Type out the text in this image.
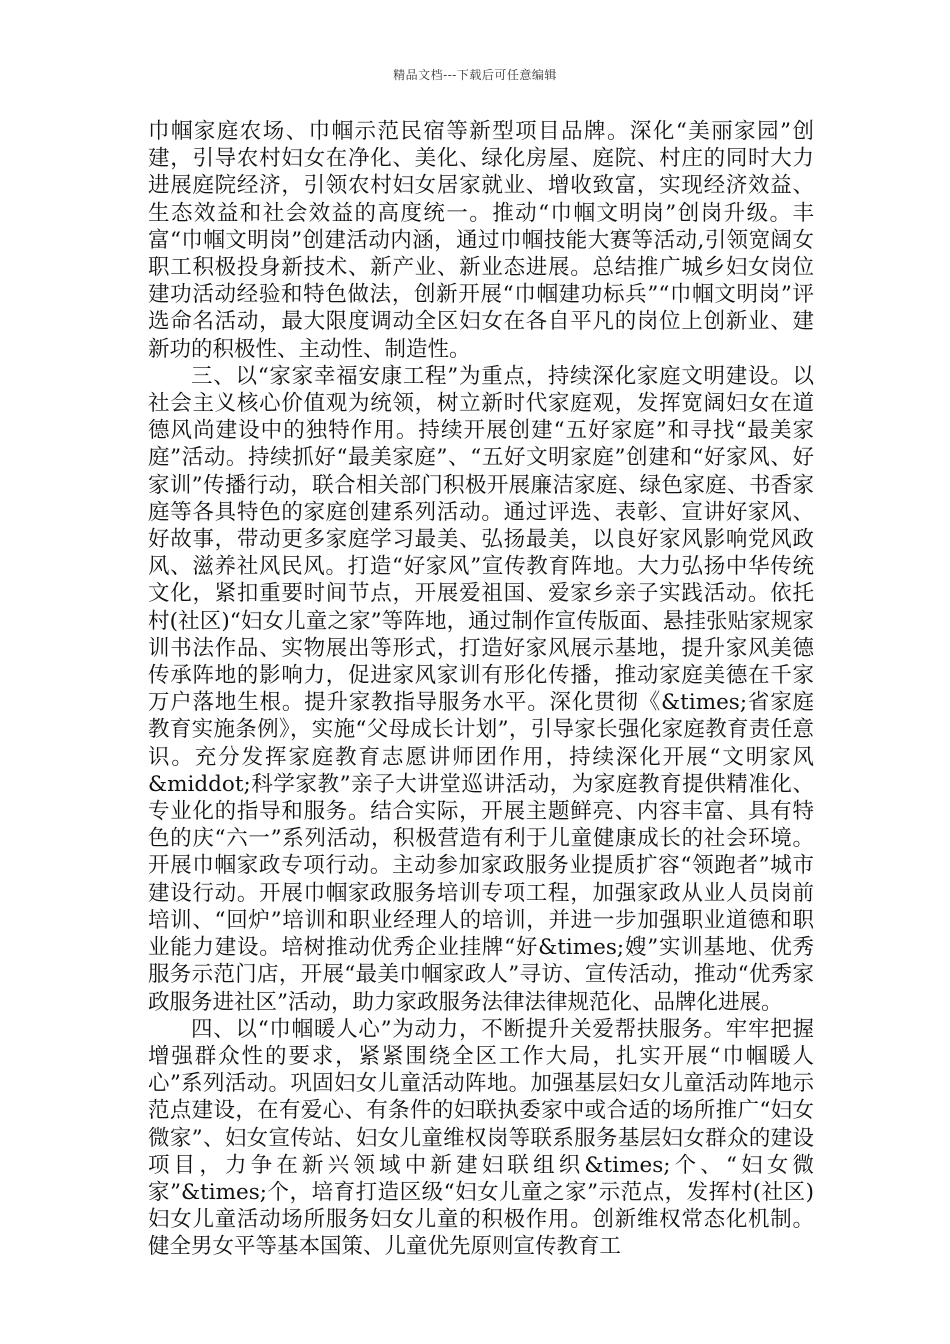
精品文档---下载后可任意编辑

巾帼家庭农场、巾帼示范民宿等新型项目品牌。深化“美丽家园”创建，引导农村妇女在净化、美化、绿化房屋、庭院、村庄的同时大力进展庭院经济，引领农村妇女居家就业、增收致富，实现经济效益、生态效益和社会效益的高度统一。推动“巾帼文明岗”创岗升级。丰富“巾帼文明岗”创建活动内涵，通过巾帼技能大赛等活动,引领宽阔女职工积极投身新技术、新产业、新业态进展。总结推广城乡妇女岗位建功活动经验和特色做法，创新开展“巾帼建功标兵”“巾帼文明岗”评选命名活动，最大限度调动全区妇女在各自平凡的岗位上创新业、建新功的积极性、主动性、制造性。

三、以“家家幸福安康工程”为重点，持续深化家庭文明建设。以社会主义核心价值观为统领，树立新时代家庭观，发挥宽阔妇女在道德风尚建设中的独特作用。持续开展创建“五好家庭”和寻找“最美家庭”活动。持续抓好“最美家庭”、“五好文明家庭”创建和“好家风、好家训”传播行动，联合相关部门积极开展廉洁家庭、绿色家庭、书香家庭等各具特色的家庭创建系列活动。通过评选、表彰、宣讲好家风、好故事，带动更多家庭学习最美、弘扬最美，以良好家风影响党风政风、滋养社风民风。打造“好家风”宣传教育阵地。大力弘扬中华传统文化，紧扣重要时间节点，开展爱祖国、爱家乡亲子实践活动。依托村(社区)“妇女儿童之家”等阵地，通过制作宣传版面、悬挂张贴家规家训书法作品、实物展出等形式，打造好家风展示基地，提升家风美德传承阵地的影响力，促进家风家训有形化传播，推动家庭美德在千家万户落地生根。提升家教指导服务水平。深化贯彻《&times;省家庭教育实施条例》，实施“父母成长计划”，引导家长强化家庭教育责任意识。充分发挥家庭教育志愿讲师团作用，持续深化开展“文明家风&middot;科学家教”亲子大讲堂巡讲活动，为家庭教育提供精准化、专业化的指导和服务。结合实际，开展主题鲜亮、内容丰富、具有特色的庆“六一”系列活动，积极营造有利于儿童健康成长的社会环境。开展巾帼家政专项行动。主动参加家政服务业提质扩容“领跑者”城市建设行动。开展巾帼家政服务培训专项工程，加强家政从业人员岗前培训、“回炉”培训和职业经理人的培训，并进一步加强职业道德和职业能力建设。培树推动优秀企业挂牌“好&times;嫂”实训基地、优秀服务示范门店，开展“最美巾帼家政人”寻访、宣传活动，推动“优秀家政服务进社区”活动，助力家政服务法律法律规范化、品牌化进展。

四、以“巾帼暖人心”为动力，不断提升关爱帮扶服务。牢牢把握增强群众性的要求，紧紧围绕全区工作大局，扎实开展“巾帼暖人心”系列活动。巩固妇女儿童活动阵地。加强基层妇女儿童活动阵地示范点建设，在有爱心、有条件的妇联执委家中或合适的场所推广“妇女微家”、妇女宣传站、妇女儿童维权岗等联系服务基层妇女群众的建设项目，力争在新兴领域中新建妇联组织&times;个、“妇女微家”&times;个，培育打造区级“妇女儿童之家”示范点，发挥村(社区)妇女儿童活动场所服务妇女儿童的积极作用。创新维权常态化机制。健全男女平等基本国策、儿童优先原则宣传教育工
